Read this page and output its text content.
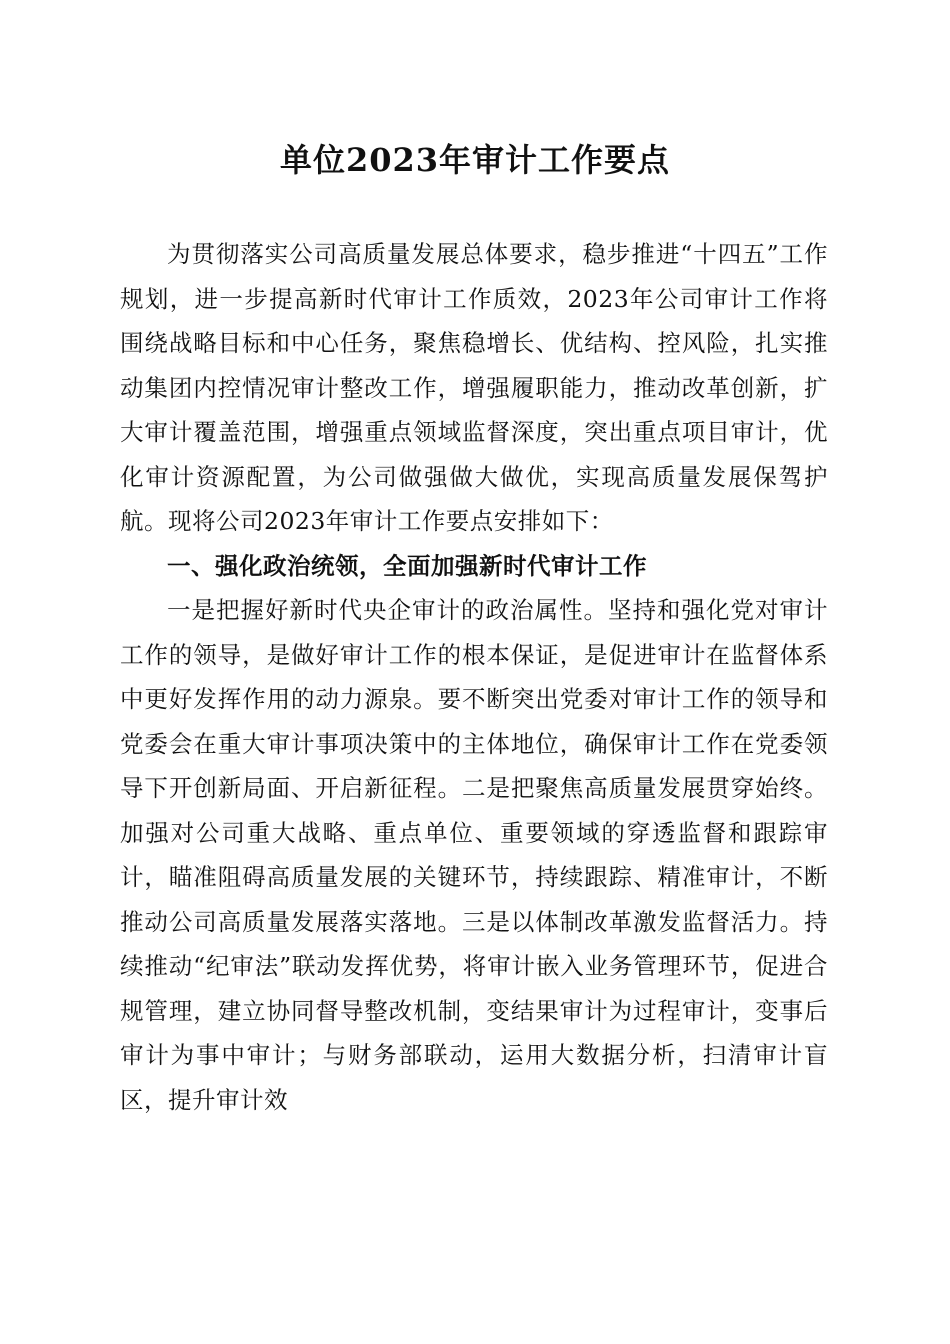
单位2023年审计工作要点

为贯彻落实公司高质量发展总体要求，稳步推进“十四五”工作规划，进一步提高新时代审计工作质效，2023年公司审计工作将围绕战略目标和中心任务，聚焦稳增长、优结构、控风险，扎实推动集团内控情况审计整改工作，增强履职能力，推动改革创新，扩大审计覆盖范围，增强重点领域监督深度，突出重点项目审计，优化审计资源配置，为公司做强做大做优，实现高质量发展保驾护航。现将公司2023年审计工作要点安排如下：

一、强化政治统领，全面加强新时代审计工作

一是把握好新时代央企审计的政治属性。坚持和强化党对审计工作的领导，是做好审计工作的根本保证，是促进审计在监督体系中更好发挥作用的动力源泉。要不断突出党委对审计工作的领导和党委会在重大审计事项决策中的主体地位，确保审计工作在党委领导下开创新局面、开启新征程。二是把聚焦高质量发展贯穿始终。加强对公司重大战略、重点单位、重要领域的穿透监督和跟踪审计，瞄准阻碍高质量发展的关键环节，持续跟踪、精准审计，不断推动公司高质量发展落实落地。三是以体制改革激发监督活力。持续推动“纪审法”联动发挥优势，将审计嵌入业务管理环节，促进合规管理，建立协同督导整改机制，变结果审计为过程审计，变事后审计为事中审计；与财务部联动，运用大数据分析，扫清审计盲区，提升审计效
